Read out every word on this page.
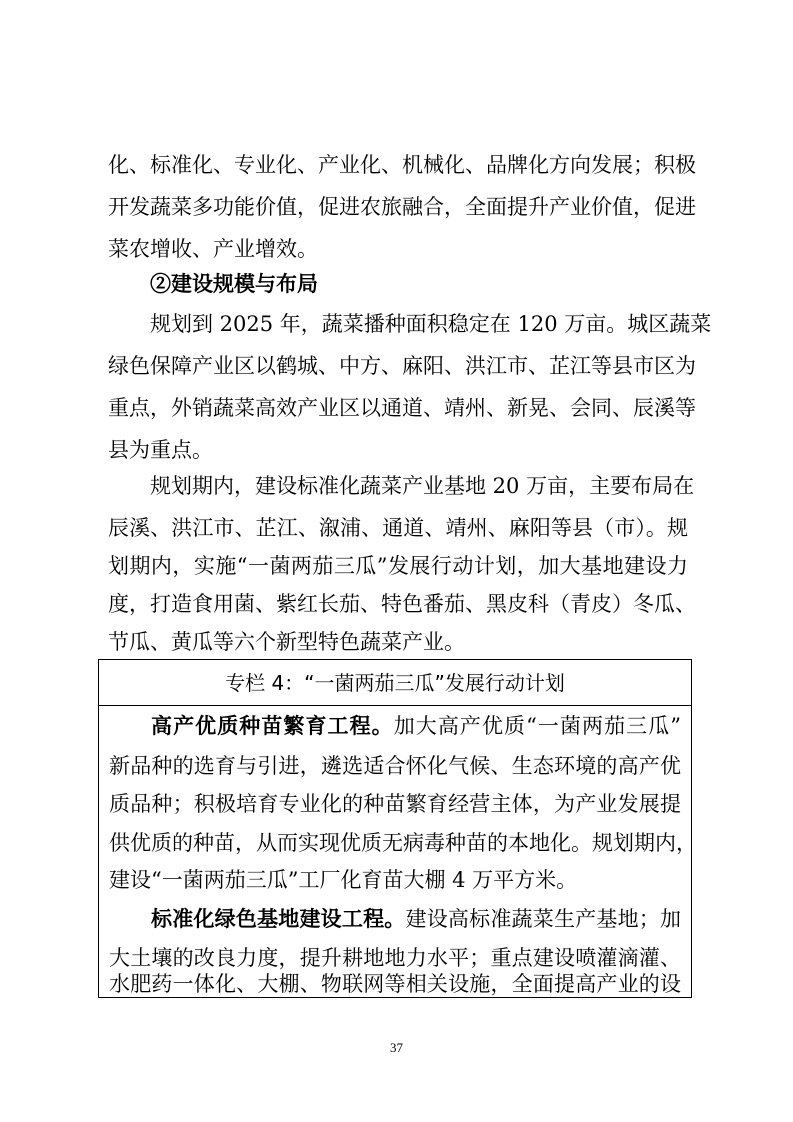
化、标准化、专业化、产业化、机械化、品牌化方向发展；积极
开发蔬菜多功能价值，促进农旅融合，全面提升产业价值，促进
菜农增收、产业增效。
②建设规模与布局
规划到 2025 年，蔬菜播种面积稳定在 120 万亩。城区蔬菜
绿色保障产业区以鹤城、中方、麻阳、洪江市、芷江等县市区为
重点，外销蔬菜高效产业区以通道、靖州、新晃、会同、辰溪等
县为重点。
规划期内，建设标准化蔬菜产业基地 20 万亩，主要布局在
辰溪、洪江市、芷江、溆浦、通道、靖州、麻阳等县（市）。规
划期内，实施“一菌两茄三瓜”发展行动计划，加大基地建设力
度，打造食用菌、紫红长茄、特色番茄、黑皮科（青皮）冬瓜、
节瓜、黄瓜等六个新型特色蔬菜产业。
专栏 4：“一菌两茄三瓜”发展行动计划
高产优质种苗繁育工程。加大高产优质“一菌两茄三瓜”
新品种的选育与引进，遴选适合怀化气候、生态环境的高产优
质品种；积极培育专业化的种苗繁育经营主体，为产业发展提
供优质的种苗，从而实现优质无病毒种苗的本地化。规划期内，
建设“一菌两茄三瓜”工厂化育苗大棚 4 万平方米。
标准化绿色基地建设工程。建设高标准蔬菜生产基地；加
大土壤的改良力度，提升耕地地力水平；重点建设喷灌滴灌、
水肥药一体化、大棚、物联网等相关设施，全面提高产业的设
37
